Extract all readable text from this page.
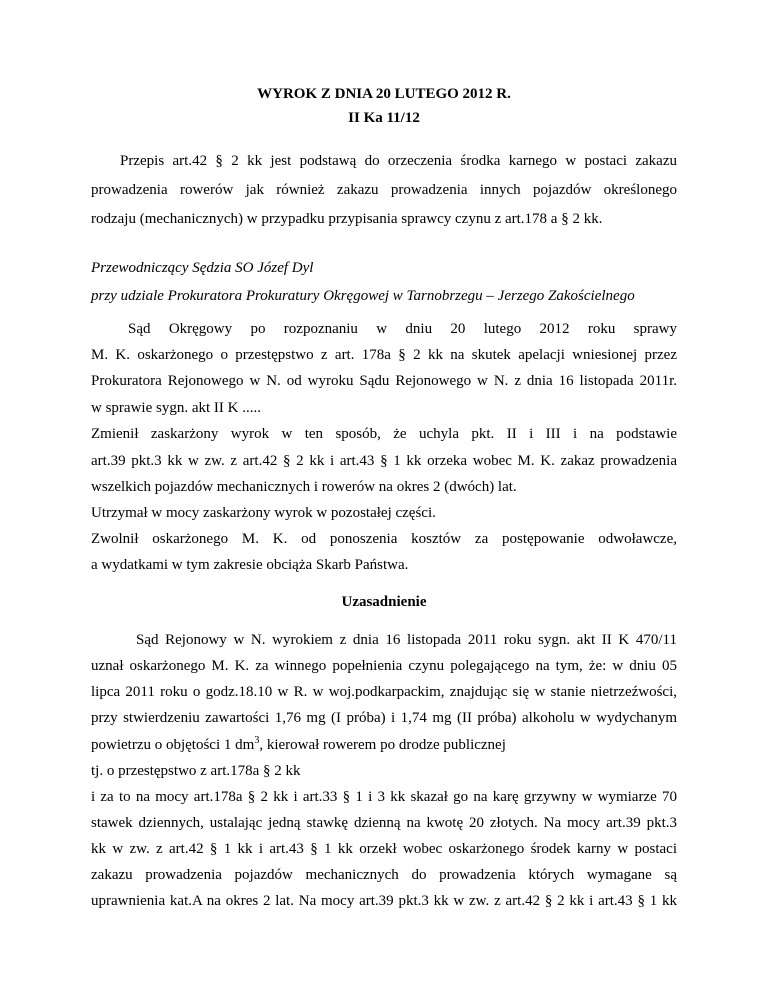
WYROK Z DNIA 20 LUTEGO 2012 R.
II Ka 11/12
Przepis art.42 § 2 kk jest podstawą do orzeczenia środka karnego w postaci zakazu
prowadzenia rowerów jak również zakazu prowadzenia innych pojazdów określonego
rodzaju (mechanicznych) w przypadku przypisania sprawcy czynu z art.178 a § 2 kk.
Przewodniczący Sędzia SO Józef Dyl
przy udziale Prokuratora Prokuratury Okręgowej w Tarnobrzegu – Jerzego Zakościelnego
Sąd Okręgowy po rozpoznaniu w dniu 20 lutego 2012 roku sprawy
M. K. oskarżonego o przestępstwo z art. 178a § 2 kk na skutek apelacji wniesionej przez
Prokuratora Rejonowego w N. od wyroku Sądu Rejonowego w N. z dnia 16 listopada 2011r.
w sprawie sygn. akt II K .....
Zmienił zaskarżony wyrok w ten sposób, że uchyla pkt. II i III i na podstawie
art.39 pkt.3 kk w zw. z art.42 § 2 kk i art.43 § 1 kk orzeka wobec M. K. zakaz prowadzenia
wszelkich pojazdów mechanicznych i rowerów na okres 2 (dwóch) lat.
Utrzymał w mocy zaskarżony wyrok w pozostałej części.
Zwolnił oskarżonego M. K. od ponoszenia kosztów za postępowanie odwoławcze,
a wydatkami w tym zakresie obciąża Skarb Państwa.
Uzasadnienie
Sąd Rejonowy w N. wyrokiem z dnia 16 listopada 2011 roku sygn. akt II K 470/11
uznał oskarżonego M. K. za winnego popełnienia czynu polegającego na tym, że: w dniu 05
lipca 2011 roku o godz.18.10 w R. w woj.podkarpackim, znajdując się w stanie nietrzeźwości,
przy stwierdzeniu zawartości 1,76 mg (I próba) i 1,74 mg (II próba) alkoholu w wydychanym
powietrzu o objętości 1 $dm^3$, kierował rowerem po drodze publicznej
tj. o przestępstwo z art.178a § 2 kk
i za to na mocy art.178a § 2 kk i art.33 § 1 i 3 kk skazał go na karę grzywny w wymiarze 70
stawek dziennych, ustalając jedną stawkę dzienną na kwotę 20 złotych. Na mocy art.39 pkt.3
kk w zw. z art.42 § 1 kk i art.43 § 1 kk orzekł wobec oskarżonego środek karny w postaci
zakazu prowadzenia pojazdów mechanicznych do prowadzenia których wymagane są
uprawnienia kat.A na okres 2 lat. Na mocy art.39 pkt.3 kk w zw. z art.42 § 2 kk i art.43 § 1 kk
